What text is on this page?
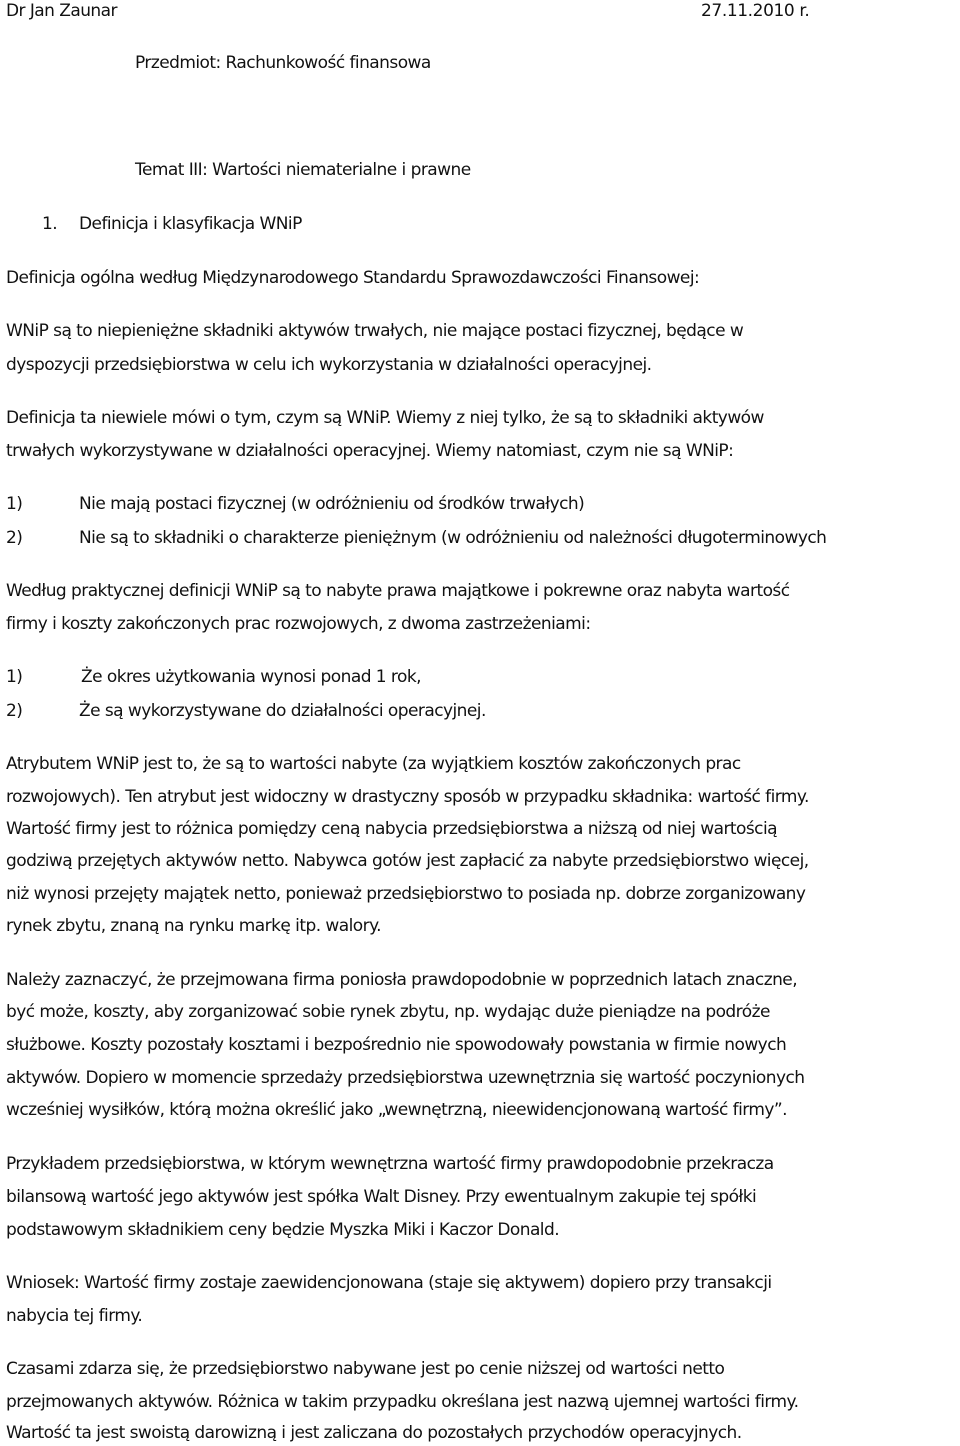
Dr Jan Zaunar	27.11.2010 r.
Przedmiot: Rachunkowość finansowa
Temat III: Wartości niematerialne i prawne
1. Definicja i klasyfikacja WNiP
Definicja ogólna według Międzynarodowego Standardu Sprawozdawczości Finansowej:
WNiP są to niepieniężne składniki aktywów trwałych, nie mające postaci fizycznej, będące w
dyspozycji przedsiębiorstwa w celu ich wykorzystania w działalności operacyjnej.
Definicja ta niewiele mówi o tym, czym są WNiP. Wiemy z niej tylko, że są to składniki aktywów
trwałych wykorzystywane w działalności operacyjnej. Wiemy natomiast, czym nie są WNiP:
1)	Nie mają postaci fizycznej (w odróżnieniu od środków trwałych)
2)	Nie są to składniki o charakterze pieniężnym (w odróżnieniu od należności długoterminowych
Według praktycznej definicji WNiP są to nabyte prawa majątkowe i pokrewne oraz nabyta wartość
firmy i koszty zakończonych prac rozwojowych, z dwoma zastrzeżeniami:
1)	Że okres użytkowania wynosi ponad 1 rok,
2)	Że są wykorzystywane do działalności operacyjnej.
Atrybutem WNiP jest to, że są to wartości nabyte (za wyjątkiem kosztów zakończonych prac
rozwojowych). Ten atrybut jest widoczny w drastyczny sposób w przypadku składnika: wartość firmy.
Wartość firmy jest to różnica pomiędzy ceną nabycia przedsiębiorstwa a niższą od niej wartością
godziwą przejętych aktywów netto. Nabywca gotów jest zapłacić za nabyte przedsiębiorstwo więcej,
niż wynosi przejęty majątek netto, ponieważ przedsiębiorstwo to posiada np. dobrze zorganizowany
rynek zbytu, znaną na rynku markę itp. walory.
Należy zaznaczyć, że przejmowana firma poniosła prawdopodobnie w poprzednich latach znaczne,
być może, koszty, aby zorganizować sobie rynek zbytu, np. wydając duże pieniądze na podróże
służbowe. Koszty pozostały kosztami i bezpośrednio nie spowodowały powstania w firmie nowych
aktywów. Dopiero w momencie sprzedaży przedsiębiorstwa uzewnętrznia się wartość poczynionych
wcześniej wysiłków, którą można określić jako „wewnętrzną, nieewidencjonowaną wartość firmy”.
Przykładem przedsiębiorstwa, w którym wewnętrzna wartość firmy prawdopodobnie przekracza
bilansową wartość jego aktywów jest spółka Walt Disney. Przy ewentualnym zakupie tej spółki
podstawowym składnikiem ceny będzie Myszka Miki i Kaczor Donald.
Wniosek: Wartość firmy zostaje zaewidencjonowana (staje się aktywem) dopiero przy transakcji
nabycia tej firmy.
Czasami zdarza się, że przedsiębiorstwo nabywane jest po cenie niższej od wartości netto
przejmowanych aktywów. Różnica w takim przypadku określana jest nazwą ujemnej wartości firmy.
Wartość ta jest swoistą darowizną i jest zaliczana do pozostałych przychodów operacyjnych.
